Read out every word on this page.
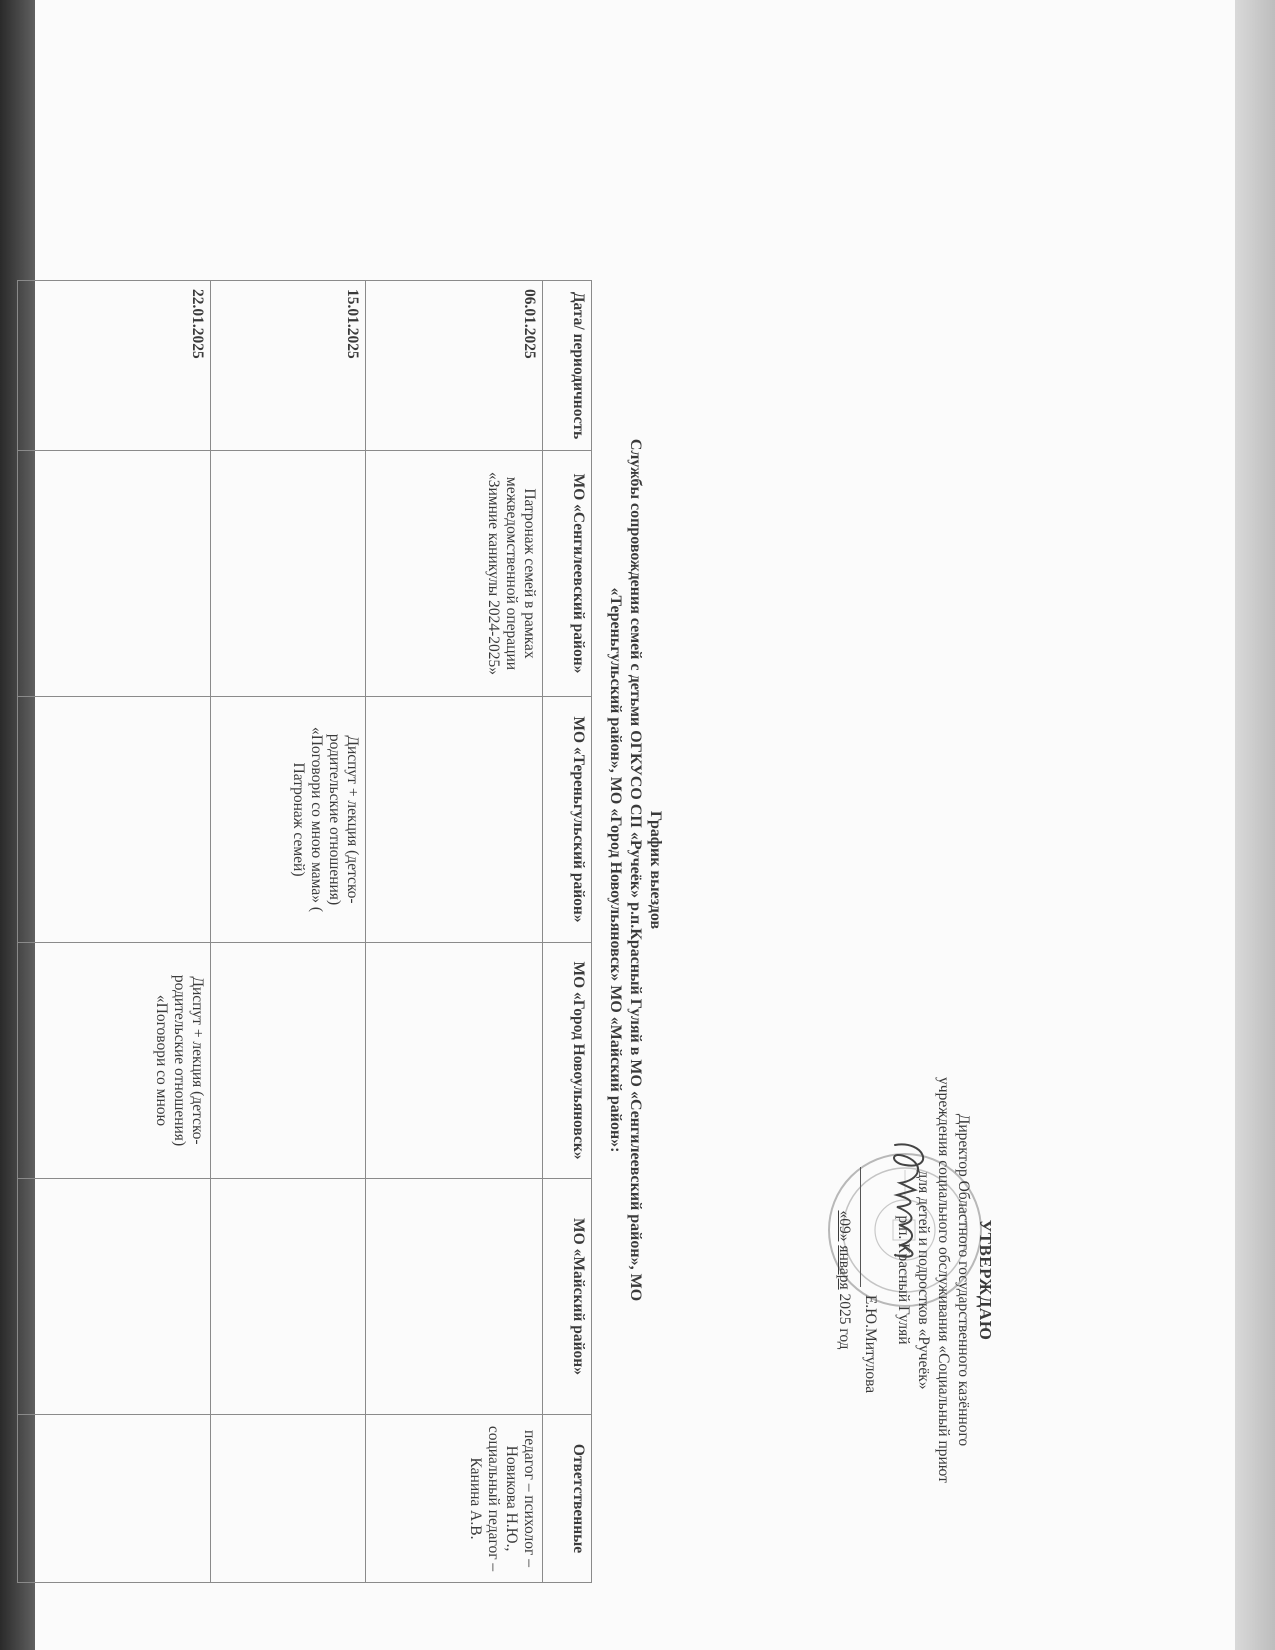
УТВЕРЖДАЮ
Директор Областного государственного казённого
учреждения социального обслуживания «Социальный приют
для детей и подростков «Ручеёк»
р.п. Красный Гуляй
Е.Ю.Митулова
«09» января 2025 год
График выездов
Службы сопровождения семей с детьми ОГКУСО СП «Ручеёк» р.п.Красный Гуляй в МО «Сенгилеевский район», МО
«Тереньгульский район», МО «Город Новоульяновск» МО «Майский район»:
Дата/ периодичность	МО «Сенгилеевский район»	МО «Тереньгульский район»	МО «Город Новоульяновск»	МО «Майский район»	Ответственные
06.01.2025	Патронаж семей в рамках межведомственной операции «Зимние каникулы 2024-2025»				педагог – психолог – Новикова Н.Ю., социальный педагог – Канина А.В.
15.01.2025		Диспут + лекция (детско-родительские отношения) «Поговори со мною мама» ( Патронаж семей)			
22.01.2025			Диспут + лекция (детско-родительские отношения) «Поговори со мною		
